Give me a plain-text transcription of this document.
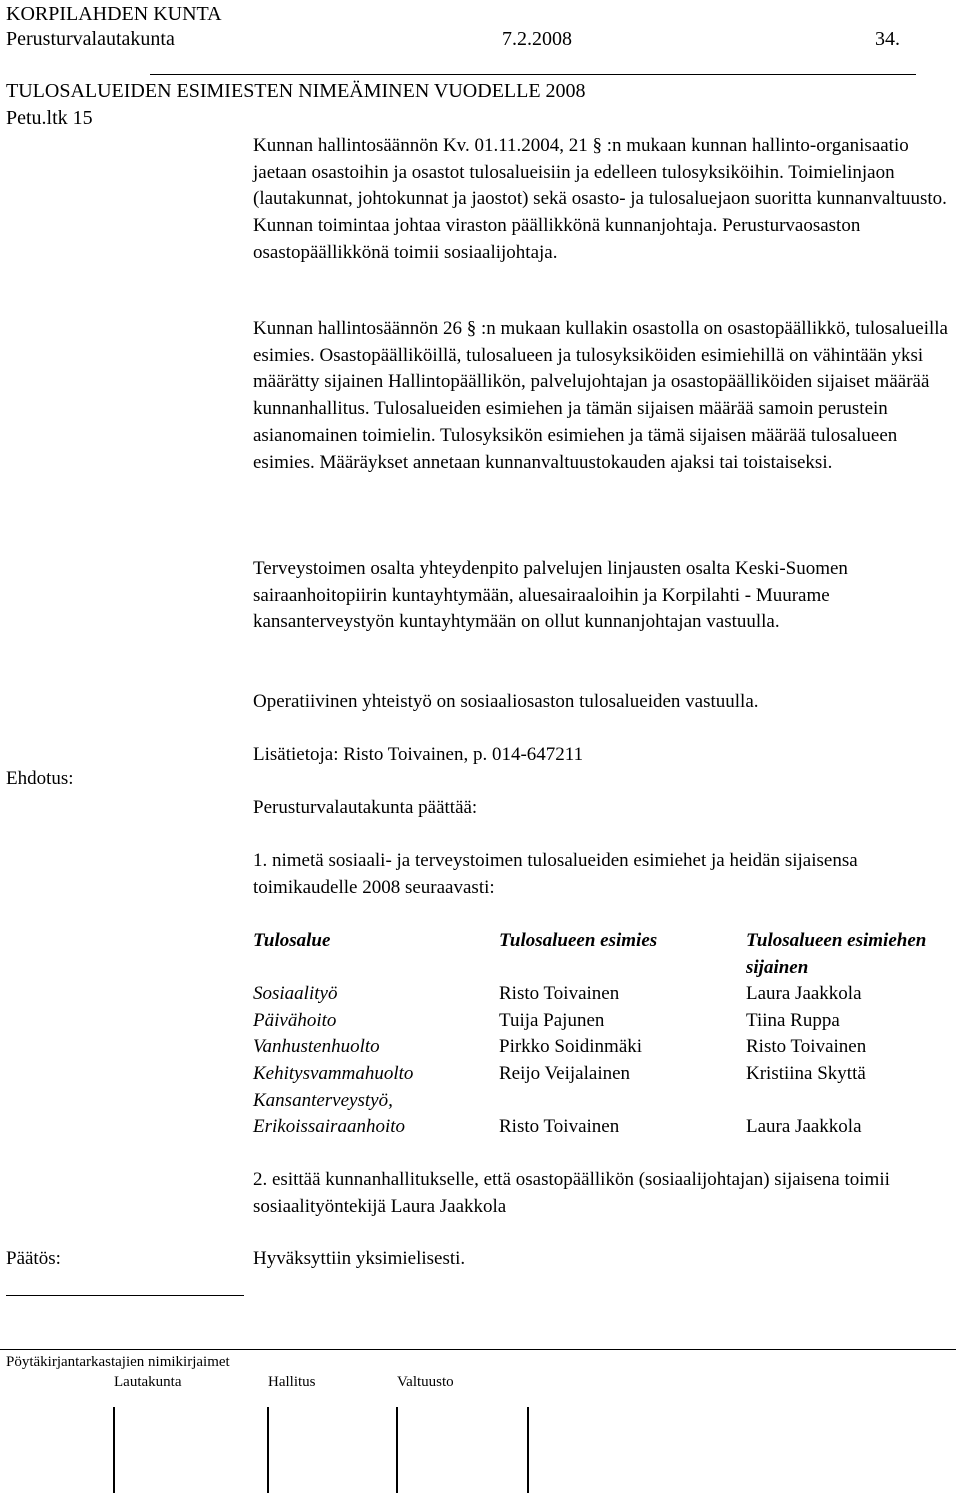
KORPILAHDEN KUNTA
Perusturvalautakunta	7.2.2008	34.
TULOSALUEIDEN ESIMIESTEN NIMEÄMINEN VUODELLE 2008
Petu.ltk 15

Kunnan hallintosäännön Kv. 01.11.2004, 21 § :n mukaan kunnan hallinto-organisaatio jaetaan osastoihin ja osastot tulosalueisiin ja edelleen tulosyksiköihin. Toimielinjaon (lautakunnat, johtokunnat ja jaostot) sekä osasto- ja tulosaluejaon suoritta kunnanvaltuusto. Kunnan toimintaa johtaa viraston päällikkönä kunnanjohtaja. Perusturvaosaston osastopäällikkönä toimii sosiaalijohtaja.

Kunnan hallintosäännön 26 § :n mukaan kullakin osastolla on osastopäällikkö, tulosalueilla esimies. Osastopäälliköillä, tulosalueen ja tulosyksiköiden esimiehillä on vähintään yksi määrätty sijainen Hallintopäällikön, palvelujohtajan ja osastopäälliköiden sijaiset määrää kunnanhallitus. Tulosalueiden esimiehen ja tämän sijaisen määrää samoin perustein asianomainen toimielin. Tulosyksikön esimiehen ja tämä sijaisen määrää tulosalueen esimies. Määräykset annetaan kunnanvaltuustokauden ajaksi tai toistaiseksi.

Terveystoimen osalta yhteydenpito palvelujen linjausten osalta Keski-Suomen sairaanhoitopiirin kuntayhtymään, aluesairaaloihin ja Korpilahti - Muurame kansanterveystyön kuntayhtymään on ollut kunnanjohtajan vastuulla.

Operatiivinen yhteistyö on sosiaaliosaston tulosalueiden vastuulla.

Lisätietoja: Risto Toivainen, p. 014-647211

Ehdotus:

Perusturvalautakunta päättää:

1. nimetä sosiaali- ja terveystoimen tulosalueiden esimiehet ja heidän sijaisensa toimikaudelle 2008 seuraavasti:

Tulosalue	Tulosalueen esimies	Tulosalueen esimiehen sijainen
Sosiaalityö	Risto Toivainen	Laura Jaakkola
Päivähoito	Tuija Pajunen	Tiina Ruppa
Vanhustenhuolto	Pirkko Soidinmäki	Risto Toivainen
Kehitysvammahuolto	Reijo Veijalainen	Kristiina Skyttä
Kansanterveystyö, Erikoissairaanhoito	Risto Toivainen	Laura Jaakkola

2. esittää kunnanhallitukselle, että osastopäällikön (sosiaalijohtajan) sijaisena toimii sosiaalityöntekijä Laura Jaakkola

Päätös:	Hyväksyttiin yksimielisesti.
Pöytäkirjantarkastajien nimikirjaimet
Lautakunta	Hallitus	Valtuusto
